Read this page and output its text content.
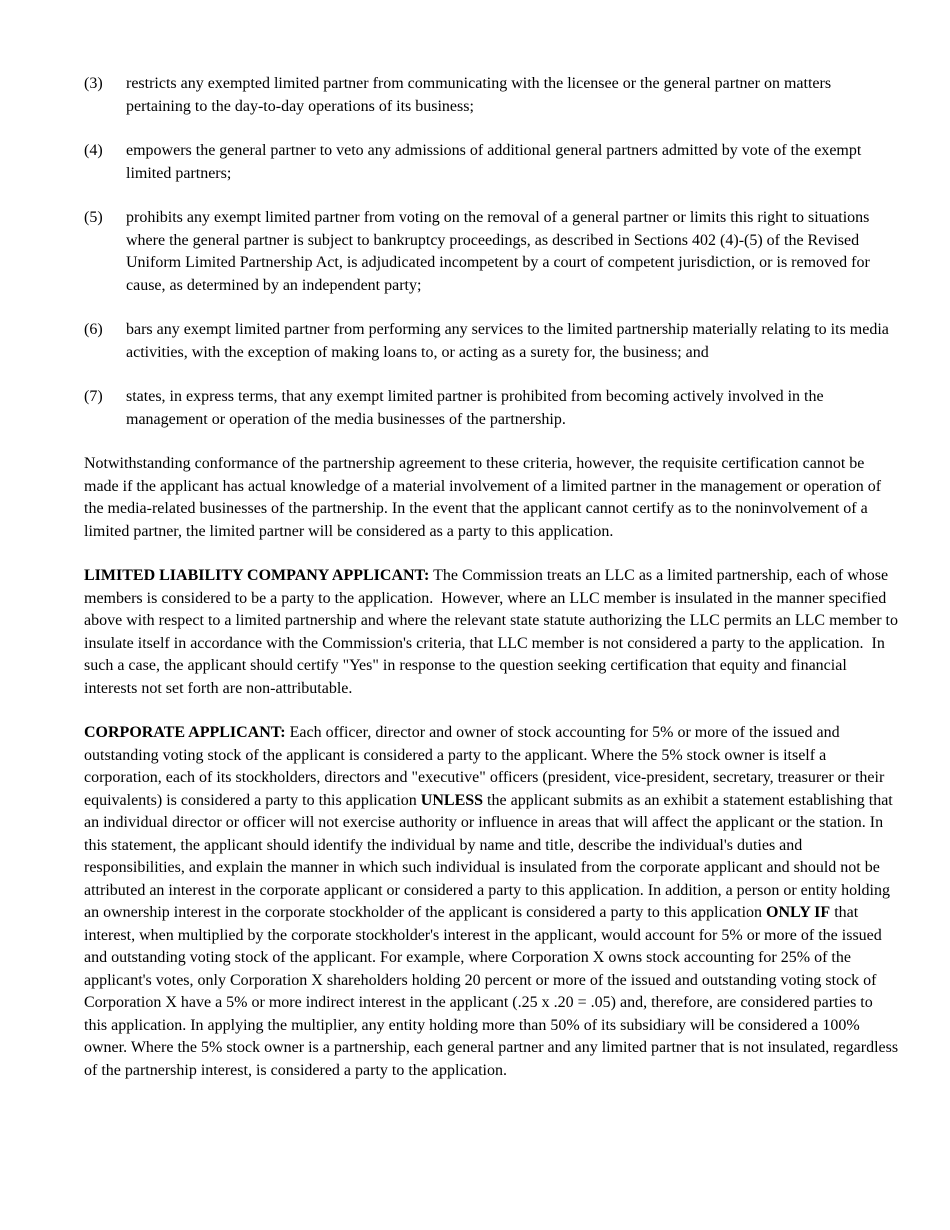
(3)	restricts any exempted limited partner from communicating with the licensee or the general partner on matters pertaining to the day-to-day operations of its business;
(4)	empowers the general partner to veto any admissions of additional general partners admitted by vote of the exempt limited partners;
(5)	prohibits any exempt limited partner from voting on the removal of a general partner or limits this right to situations where the general partner is subject to bankruptcy proceedings, as described in Sections 402 (4)-(5) of the Revised Uniform Limited Partnership Act, is adjudicated incompetent by a court of competent jurisdiction, or is removed for cause, as determined by an independent party;
(6)	bars any exempt limited partner from performing any services to the limited partnership materially relating to its media activities, with the exception of making loans to, or acting as a surety for, the business; and
(7)	states, in express terms, that any exempt limited partner is prohibited from becoming actively involved in the management or operation of the media businesses of the partnership.

Notwithstanding conformance of the partnership agreement to these criteria, however, the requisite certification cannot be made if the applicant has actual knowledge of a material involvement of a limited partner in the management or operation of the media-related businesses of the partnership. In the event that the applicant cannot certify as to the noninvolvement of a limited partner, the limited partner will be considered as a party to this application.

LIMITED LIABILITY COMPANY APPLICANT: The Commission treats an LLC as a limited partnership, each of whose members is considered to be a party to the application.  However, where an LLC member is insulated in the manner specified above with respect to a limited partnership and where the relevant state statute authorizing the LLC permits an LLC member to insulate itself in accordance with the Commission's criteria, that LLC member is not considered a party to the application.  In such a case, the applicant should certify "Yes" in response to the question seeking certification that equity and financial interests not set forth are non-attributable.

CORPORATE APPLICANT: Each officer, director and owner of stock accounting for 5% or more of the issued and outstanding voting stock of the applicant is considered a party to the applicant. Where the 5% stock owner is itself a corporation, each of its stockholders, directors and "executive" officers (president, vice-president, secretary, treasurer or their equivalents) is considered a party to this application UNLESS the applicant submits as an exhibit a statement establishing that an individual director or officer will not exercise authority or influence in areas that will affect the applicant or the station. In this statement, the applicant should identify the individual by name and title, describe the individual's duties and responsibilities, and explain the manner in which such individual is insulated from the corporate applicant and should not be attributed an interest in the corporate applicant or considered a party to this application. In addition, a person or entity holding an ownership interest in the corporate stockholder of the applicant is considered a party to this application ONLY IF that interest, when multiplied by the corporate stockholder's interest in the applicant, would account for 5% or more of the issued and outstanding voting stock of the applicant. For example, where Corporation X owns stock accounting for 25% of the applicant's votes, only Corporation X shareholders holding 20 percent or more of the issued and outstanding voting stock of Corporation X have a 5% or more indirect interest in the applicant (.25 x .20 = .05) and, therefore, are considered parties to this application. In applying the multiplier, any entity holding more than 50% of its subsidiary will be considered a 100% owner. Where the 5% stock owner is a partnership, each general partner and any limited partner that is not insulated, regardless of the partnership interest, is considered a party to the application.
